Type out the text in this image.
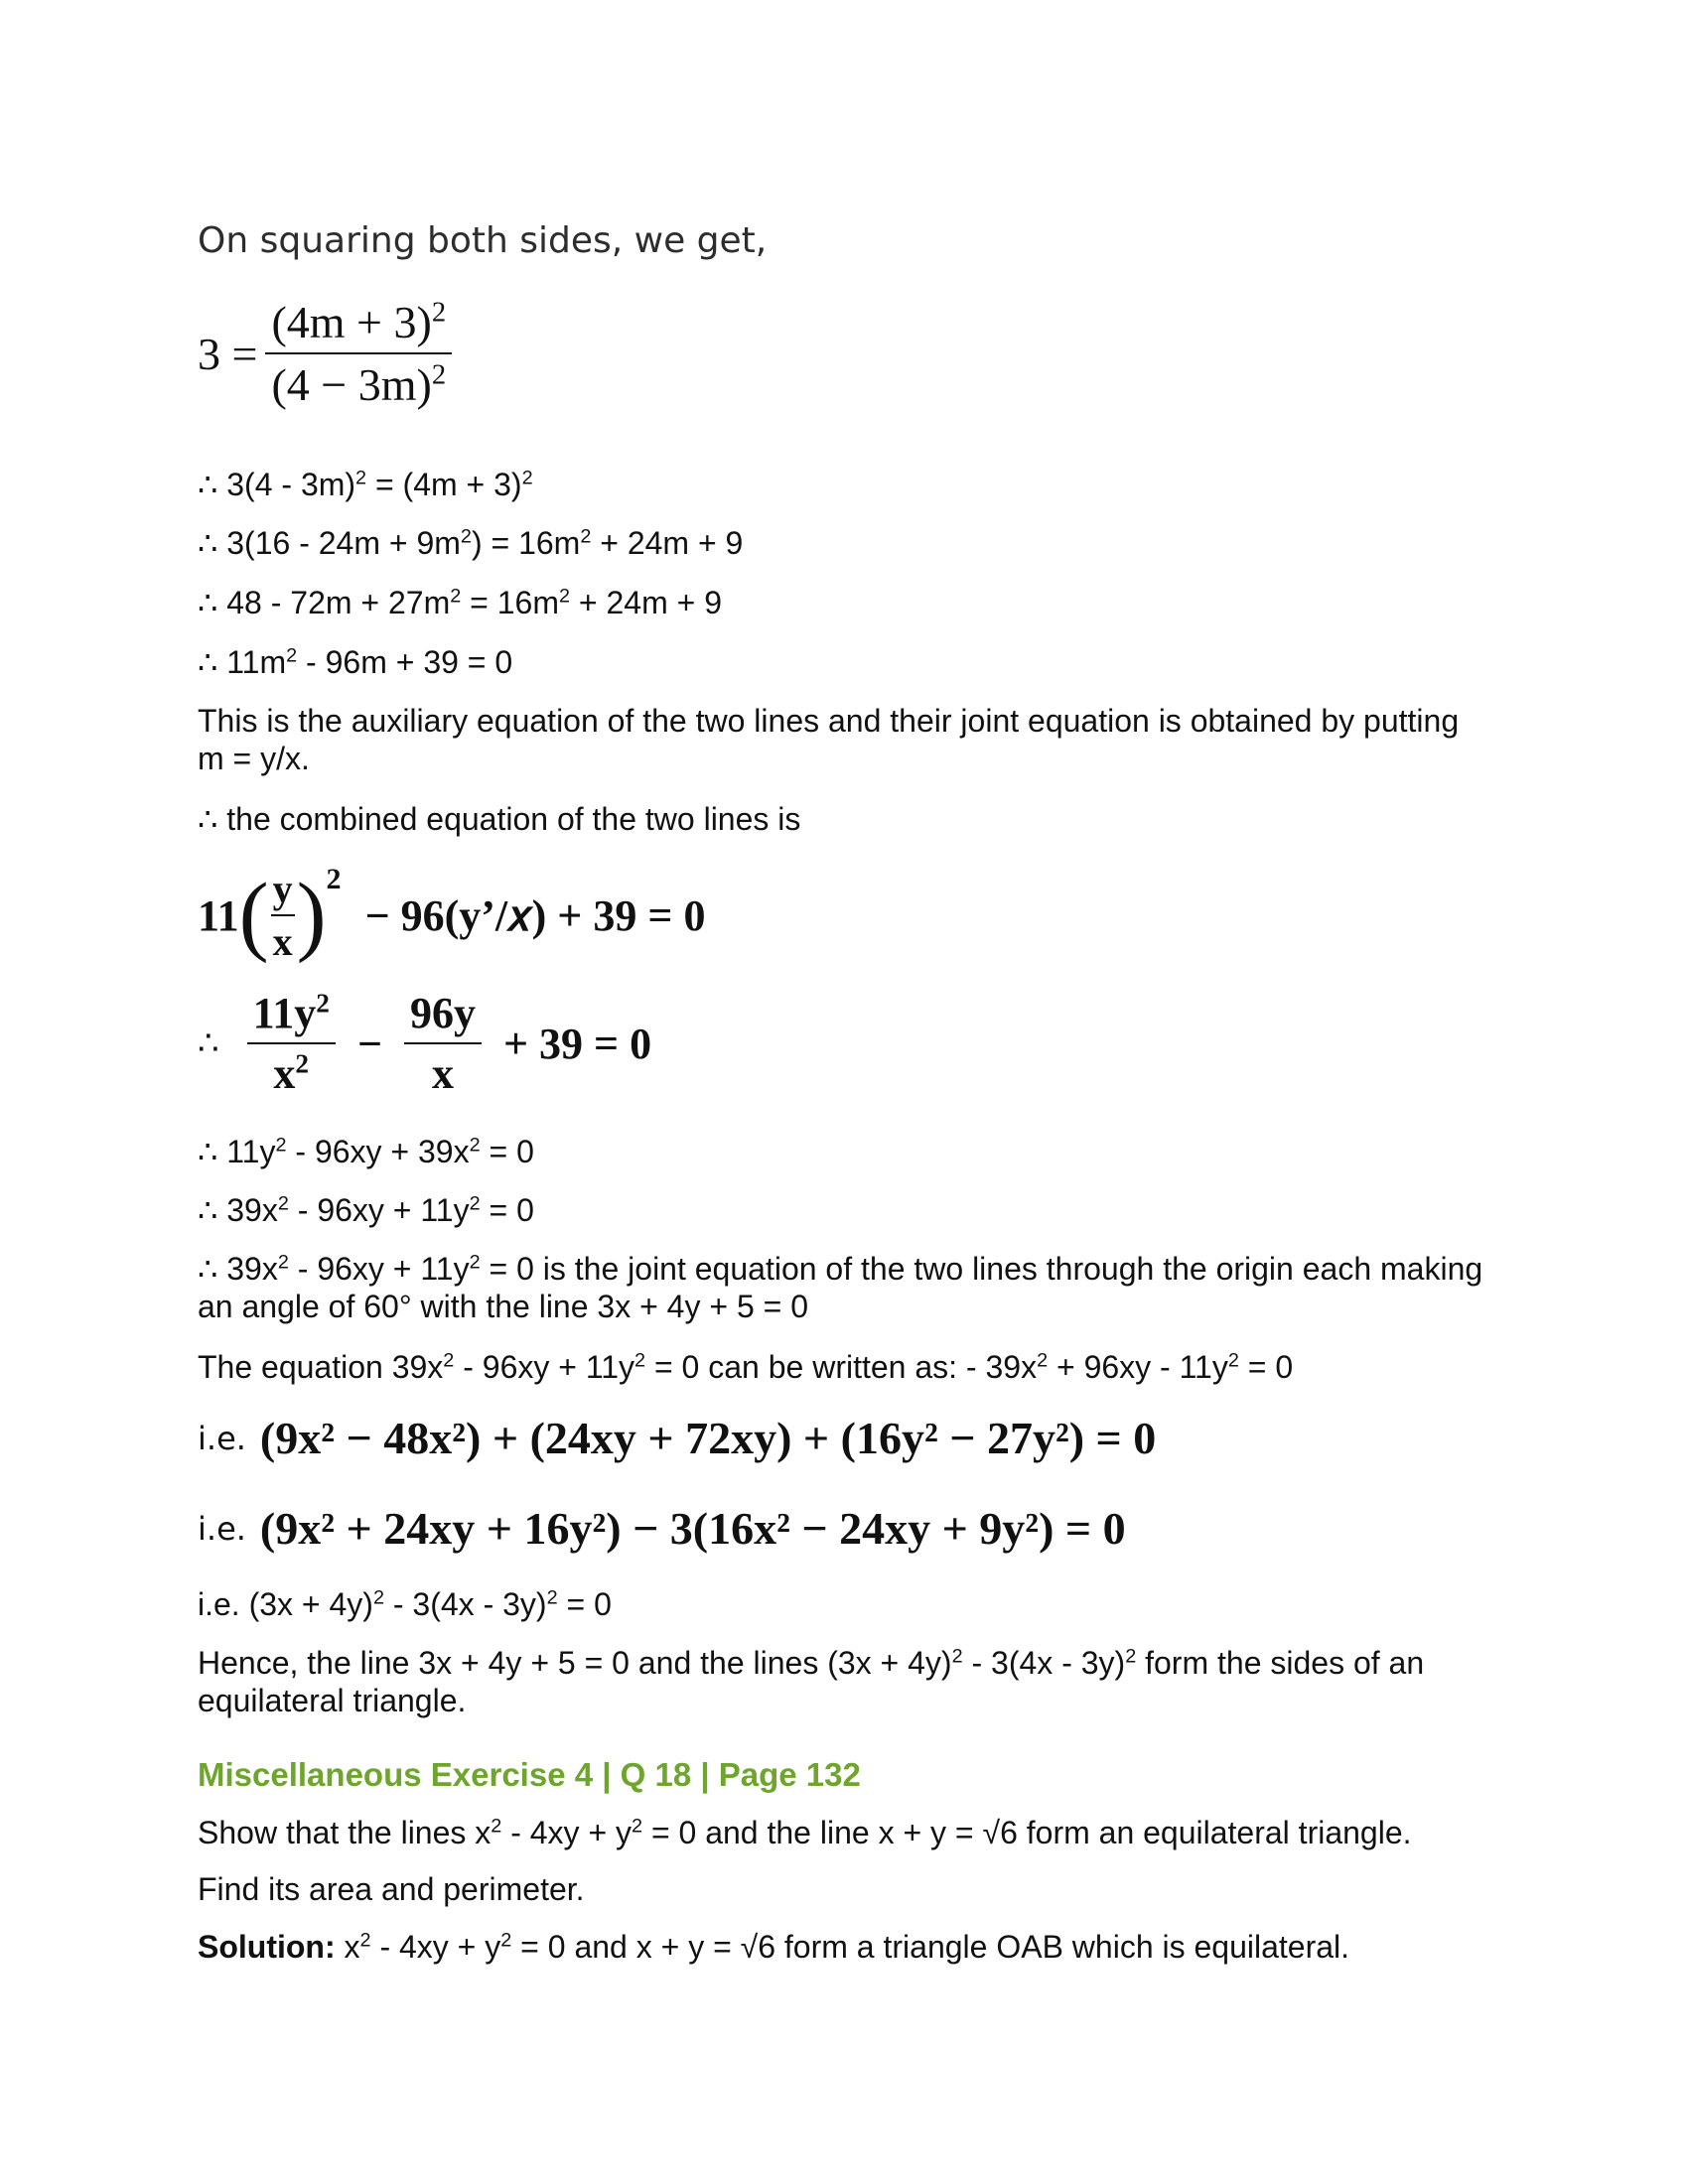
On squaring both sides, we get,
$3 = \frac{(4m + 3)^2}{(4 - 3m)^2}$
∴ $3(4 - 3m)^2 = (4m + 3)^2$
∴ $3(16 - 24m + 9m^2) = 16m^2 + 24m + 9$
∴ $48 - 72m + 27m^2 = 16m^2 + 24m + 9$
∴ $11m^2 - 96m + 39 = 0$
This is the auxiliary equation of the two lines and their joint equation is obtained by putting m = y/x.
∴ the combined equation of the two lines is
11 ( $\frac{y}{x}$ ) 2
− 96(y’/𝑥) + 39 = 0
∴ $\frac{11y^2}{x^2} - \frac{96y}{x} + 39 = 0$
∴ $11y^2 - 96xy + 39x^2 = 0$
∴ $39x^2 - 96xy + 11y^2 = 0$
∴ $39x^2 - 96xy + 11y^2 = 0$ is the joint equation of the two lines through the origin each making an angle of 60° with the line 3x + 4y + 5 = 0
The equation $39x^2 - 96xy + 11y^2 = 0$ can be written as: - $39x^2 + 96xy - 11y^2 = 0$
i.e. (9x² − 48x²) + (24xy + 72xy) + (16y² − 27y²) = 0
i.e. (9x² + 24xy + 16y²) − 3(16x² − 24xy + 9y²) = 0
i.e. $(3x + 4y)^2 - 3(4x - 3y)^2 = 0$
Hence, the line 3x + 4y + 5 = 0 and the lines $(3x + 4y)^2 - 3(4x - 3y)^2$ form the sides of an equilateral triangle.
Miscellaneous Exercise 4 | Q 18 | Page 132
Show that the lines $x^2 - 4xy + y^2 = 0$ and the line x + y = √6 form an equilateral triangle.
Find its area and perimeter.
Solution: $x^2 - 4xy + y^2 = 0$ and x + y = √6 form a triangle OAB which is equilateral.
